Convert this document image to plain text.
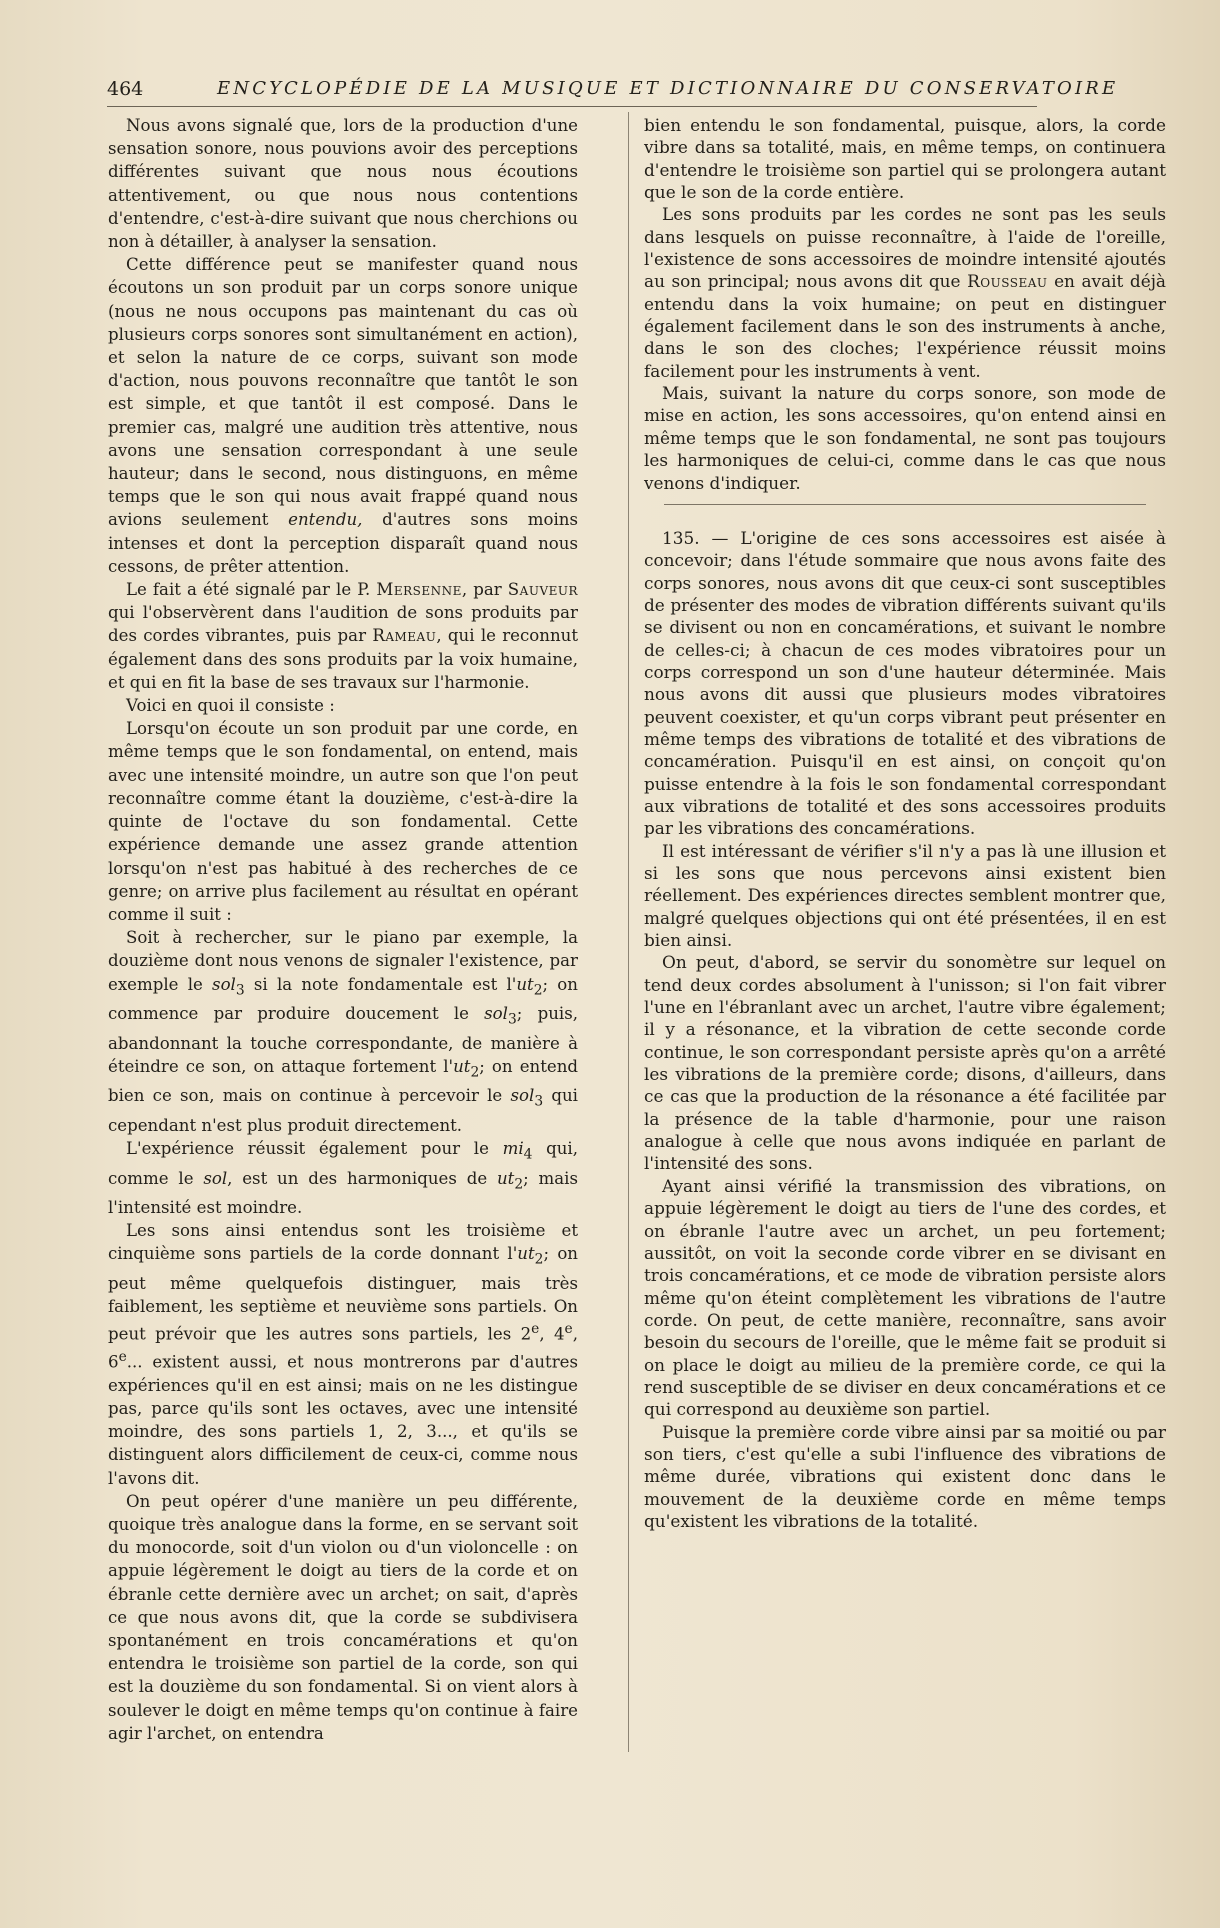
464	ENCYCLOPÉDIE DE LA MUSIQUE ET DICTIONNAIRE DU CONSERVATOIRE

Nous avons signalé que, lors de la production d'une sensation sonore, nous pouvions avoir des perceptions différentes suivant que nous nous écoutions attentivement, ou que nous nous contentions d'entendre, c'est-à-dire suivant que nous cherchions ou non à détailler, à analyser la sensation.

Cette différence peut se manifester quand nous écoutons un son produit par un corps sonore unique (nous ne nous occupons pas maintenant du cas où plusieurs corps sonores sont simultanément en action), et selon la nature de ce corps, suivant son mode d'action, nous pouvons reconnaître que tantôt le son est simple, et que tantôt il est composé. Dans le premier cas, malgré une audition très attentive, nous avons une sensation correspondant à une seule hauteur; dans le second, nous distinguons, en même temps que le son qui nous avait frappé quand nous avions seulement entendu, d'autres sons moins intenses et dont la perception disparaît quand nous cessons, de prêter attention.

Le fait a été signalé par le P. Mersenne, par Sauveur qui l'observèrent dans l'audition de sons produits par des cordes vibrantes, puis par Rameau, qui le reconnut également dans des sons produits par la voix humaine, et qui en fit la base de ses travaux sur l'harmonie.

Voici en quoi il consiste :

Lorsqu'on écoute un son produit par une corde, en même temps que le son fondamental, on entend, mais avec une intensité moindre, un autre son que l'on peut reconnaître comme étant la douzième, c'est-à-dire la quinte de l'octave du son fondamental. Cette expérience demande une assez grande attention lorsqu'on n'est pas habitué à des recherches de ce genre; on arrive plus facilement au résultat en opérant comme il suit :

Soit à rechercher, sur le piano par exemple, la douzième dont nous venons de signaler l'existence, par exemple le sol$_3$ si la note fondamentale est $l'ut_2$; on commence par produire doucement le sol$_3$; puis, abandonnant la touche correspondante, de manière à éteindre ce son, on attaque fortement $l'ut_2$; on entend bien ce son, mais on continue à percevoir le sol$_3$ qui cependant n'est plus produit directement.

L'expérience réussit également pour le $mi_4$ qui, comme le sol, est un des harmoniques de $ut_2$; mais l'intensité est moindre.

Les sons ainsi entendus sont les troisième et cinquième sons partiels de la corde donnant $l'ut_2$; on peut même quelquefois distinguer, mais très faiblement, les septième et neuvième sons partiels. On peut prévoir que les autres sons partiels, les 2e, 4e, 6e... existent aussi, et nous montrerons par d'autres expériences qu'il en est ainsi; mais on ne les distingue pas, parce qu'ils sont les octaves, avec une intensité moindre, des sons partiels 1, 2, 3..., et qu'ils se distinguent alors difficilement de ceux-ci, comme nous l'avons dit.

On peut opérer d'une manière un peu différente, quoique très analogue dans la forme, en se servant soit du monocorde, soit d'un violon ou d'un violoncelle : on appuie légèrement le doigt au tiers de la corde et on ébranle cette dernière avec un archet; on sait, d'après ce que nous avons dit, que la corde se subdivisera spontanément en trois concamérations et qu'on entendra le troisième son partiel de la corde, son qui est la douzième du son fondamental. Si on vient alors à soulever le doigt en même temps qu'on continue à faire agir l'archet, on entendra

bien entendu le son fondamental, puisque, alors, la corde vibre dans sa totalité, mais, en même temps, on continuera d'entendre le troisième son partiel qui se prolongera autant que le son de la corde entière.

Les sons produits par les cordes ne sont pas les seuls dans lesquels on puisse reconnaître, à l'aide de l'oreille, l'existence de sons accessoires de moindre intensité ajoutés au son principal; nous avons dit que Rousseau en avait déjà entendu dans la voix humaine; on peut en distinguer également facilement dans le son des instruments à anche, dans le son des cloches; l'expérience réussit moins facilement pour les instruments à vent.

Mais, suivant la nature du corps sonore, son mode de mise en action, les sons accessoires, qu'on entend ainsi en même temps que le son fondamental, ne sont pas toujours les harmoniques de celui-ci, comme dans le cas que nous venons d'indiquer.

135. — L'origine de ces sons accessoires est aisée à concevoir; dans l'étude sommaire que nous avons faite des corps sonores, nous avons dit que ceux-ci sont susceptibles de présenter des modes de vibration différents suivant qu'ils se divisent ou non en concamérations, et suivant le nombre de celles-ci; à chacun de ces modes vibratoires pour un corps correspond un son d'une hauteur déterminée. Mais nous avons dit aussi que plusieurs modes vibratoires peuvent coexister, et qu'un corps vibrant peut présenter en même temps des vibrations de totalité et des vibrations de concamération. Puisqu'il en est ainsi, on conçoit qu'on puisse entendre à la fois le son fondamental correspondant aux vibrations de totalité et des sons accessoires produits par les vibrations des concamérations.

Il est intéressant de vérifier s'il n'y a pas là une illusion et si les sons que nous percevons ainsi existent bien réellement. Des expériences directes semblent montrer que, malgré quelques objections qui ont été présentées, il en est bien ainsi.

On peut, d'abord, se servir du sonomètre sur lequel on tend deux cordes absolument à l'unisson; si l'on fait vibrer l'une en l'ébranlant avec un archet, l'autre vibre également; il y a résonance, et la vibration de cette seconde corde continue, le son correspondant persiste après qu'on a arrêté les vibrations de la première corde; disons, d'ailleurs, dans ce cas que la production de la résonance a été facilitée par la présence de la table d'harmonie, pour une raison analogue à celle que nous avons indiquée en parlant de l'intensité des sons.

Ayant ainsi vérifié la transmission des vibrations, on appuie légèrement le doigt au tiers de l'une des cordes, et on ébranle l'autre avec un archet, un peu fortement; aussitôt, on voit la seconde corde vibrer en se divisant en trois concamérations, et ce mode de vibration persiste alors même qu'on éteint complètement les vibrations de l'autre corde. On peut, de cette manière, reconnaître, sans avoir besoin du secours de l'oreille, que le même fait se produit si on place le doigt au milieu de la première corde, ce qui la rend susceptible de se diviser en deux concamérations et ce qui correspond au deuxième son partiel.

Puisque la première corde vibre ainsi par sa moitié ou par son tiers, c'est qu'elle a subi l'influence des vibrations de même durée, vibrations qui existent donc dans le mouvement de la deuxième corde en même temps qu'existent les vibrations de la totalité.
